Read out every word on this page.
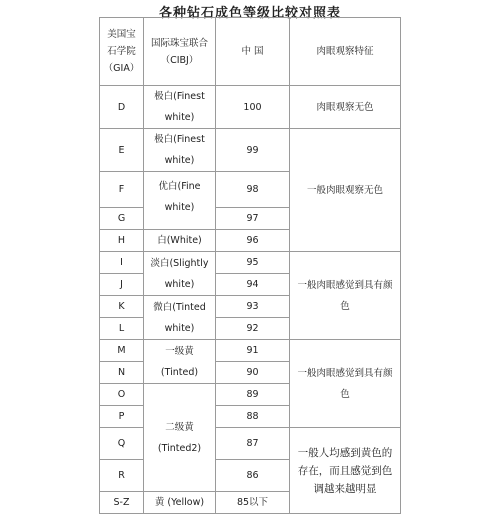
各种钻石成色等级比较对照表
美国宝石学院（GIA）	国际珠宝联合（CIBJ）	中 国	肉眼观察特征
D	极白(Finest white)	100	肉眼观察无色
E	极白(Finest white)	99	一般肉眼观察无色
F	优白(Fine white)	98	
G		97	
H	白(White)	96	
I	淡白(Slightly white)	95	一般肉眼感觉到具有颜色
J		94	
K	微白(Tinted white)	93	
L		92	
M	一级黄(Tinted)	91	一般肉眼感觉到具有颜色
N		90	
O	二级黄(Tinted2)	89	
P		88	
Q		87	一般人均感到黄色的存在，而且感觉到色调越来越明显
R		86	
S-Z	黄 (Yellow)	85以下	
